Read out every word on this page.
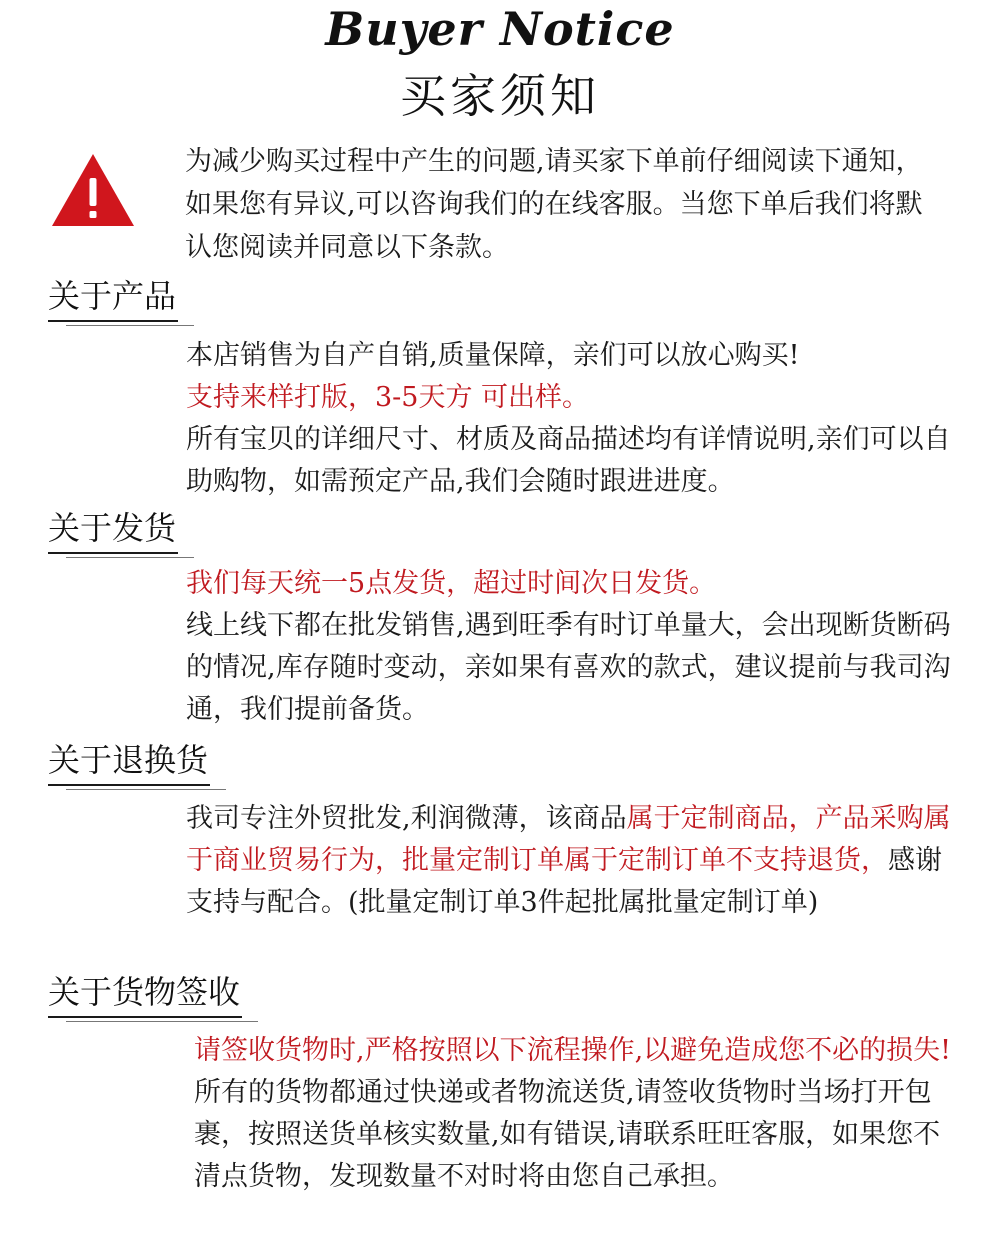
Buyer Notice
买家须知
为减少购买过程中产生的问题,请买家下单前仔细阅读下通知，如果您有异议,可以咨询我们的在线客服。当您下单后我们将默认您阅读并同意以下条款。
关于产品

本店销售为自产自销,质量保障，亲们可以放心购买!

支持来样打版，3-5天方 可出样。

所有宝贝的详细尺寸、材质及商品描述均有详情说明,亲们可以自助购物，如需预定产品,我们会随时跟进进度。

关于发货

我们每天统一5点发货，超过时间次日发货。

线上线下都在批发销售,遇到旺季有时订单量大，会出现断货断码的情况,库存随时变动，亲如果有喜欢的款式，建议提前与我司沟通，我们提前备货。

关于退换货

我司专注外贸批发,利润微薄，该商品属于定制商品，产品采购属于商业贸易行为，批量定制订单属于定制订单不支持退货，感谢支持与配合。(批量定制订单3件起批属批量定制订单)

关于货物签收

请签收货物时,严格按照以下流程操作,以避免造成您不必的损失!所有的货物都通过快递或者物流送货,请签收货物时当场打开包裹，按照送货单核实数量,如有错误,请联系旺旺客服，如果您不清点货物，发现数量不对时将由您自己承担。
